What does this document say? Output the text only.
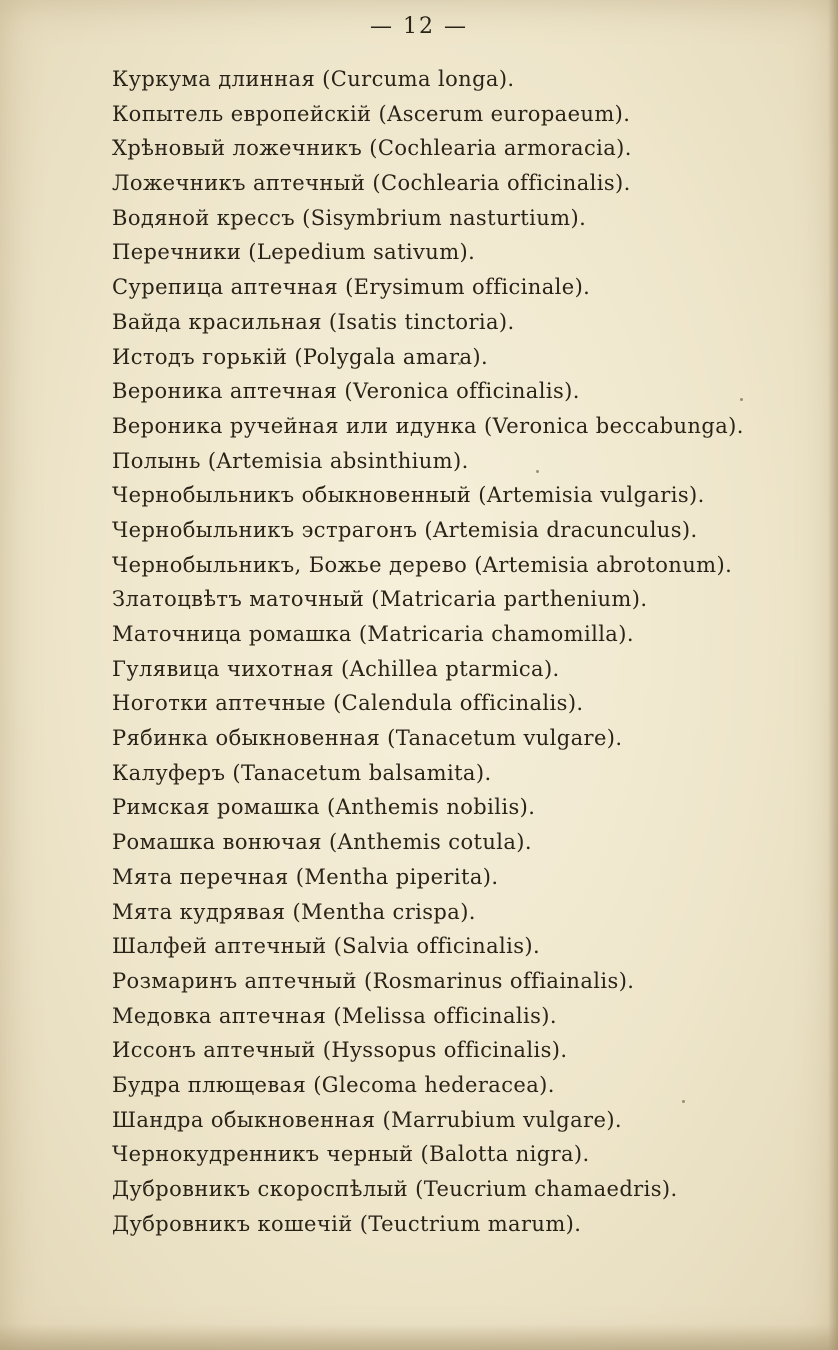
— 12 —
Куркума длинная (Curcuma longa).
Копытель европейскій (Ascerum europaeum).
Хрѣновый ложечникъ (Cochlearia armoracia).
Ложечникъ аптечный (Cochlearia officinalis).
Водяной крессъ (Sisymbrium nasturtium).
Перечники (Lepedium sativum).
Сурепица аптечная (Erysimum officinale).
Вайда красильная (Isatis tinctoria).
Истодъ горькій (Polygala amara).
Вероника аптечная (Veronica officinalis).
Вероника ручейная или идунка (Veronica beccabunga).
Полынь (Artemisia absinthium).
Чернобыльникъ обыкновенный (Artemisia vulgaris).
Чернобыльникъ эстрагонъ (Artemisia dracunculus).
Чернобыльникъ, Божье дерево (Artemisia abrotonum).
Златоцвѣтъ маточный (Matricaria parthenium).
Маточница ромашка (Matricaria chamomilla).
Гулявица чихотная (Achillea ptarmica).
Ноготки аптечные (Calendula officinalis).
Рябинка обыкновенная (Tanacetum vulgare).
Калуферъ (Tanacetum balsamita).
Римская ромашка (Anthemis nobilis).
Ромашка вонючая (Anthemis cotula).
Мята перечная (Mentha piperita).
Мята кудрявая (Mentha crispa).
Шалфей аптечный (Salvia officinalis).
Розмаринъ аптечный (Rosmarinus offiainalis).
Медовка аптечная (Melissa officinalis).
Иссонъ аптечный (Hyssopus officinalis).
Будра плющевая (Glecoma hederacea).
Шандра обыкновенная (Marrubium vulgare).
Чернокудренникъ черный (Balotta nigra).
Дубровникъ скороспѣлый (Teucrium chamaedris).
Дубровникъ кошечій (Teuctrium marum).
